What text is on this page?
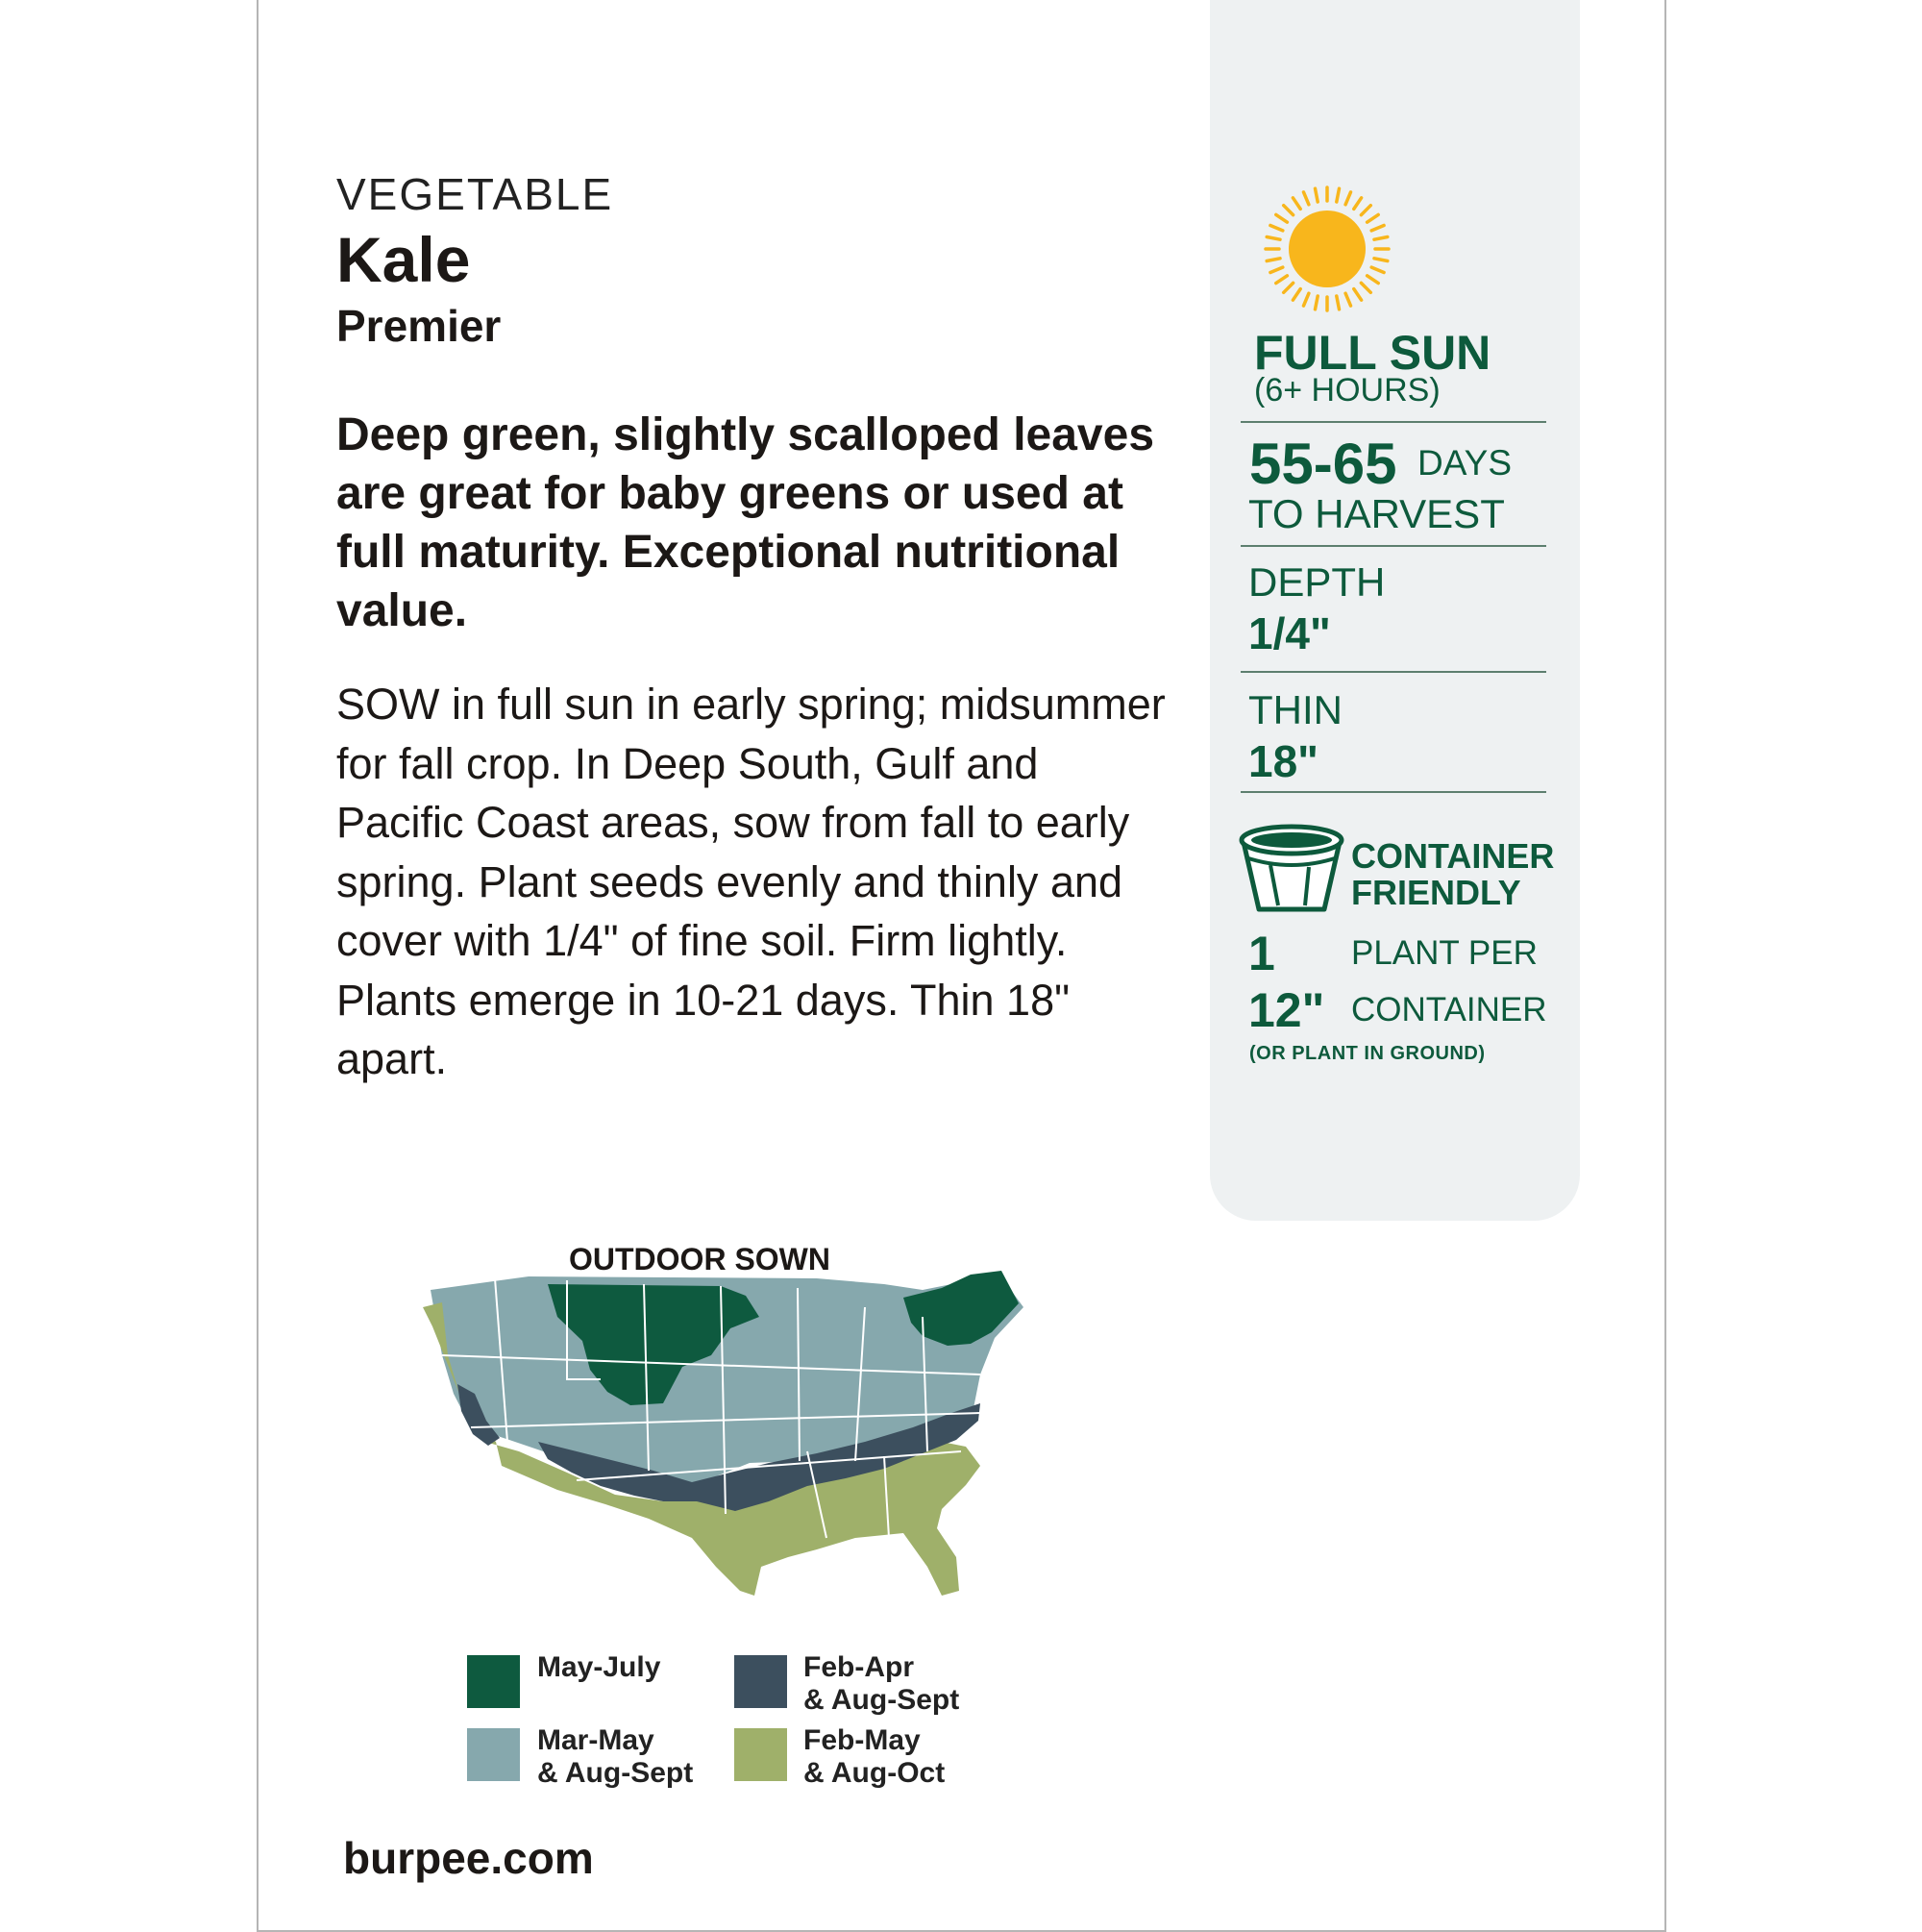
VEGETABLE
Kale
Premier

Deep green, slightly scalloped leaves are great for baby greens or used at full maturity. Exceptional nutritional value.

SOW in full sun in early spring; midsummer for fall crop. In Deep South, Gulf and Pacific Coast areas, sow from fall to early spring. Plant seeds evenly and thinly and cover with 1/4" of fine soil. Firm lightly. Plants emerge in 10-21 days. Thin 18" apart.

FULL SUN
(6+ HOURS)
55-65 DAYS
TO HARVEST
DEPTH
1/4"
THIN
18"
CONTAINER
FRIENDLY
1 PLANT PER
12" CONTAINER
(OR PLANT IN GROUND)
OUTDOOR SOWN
May-July	Feb-Apr
& Aug-Sept
Mar-May
& Aug-Sept
Feb-May
& Aug-Oct
burpee.com
